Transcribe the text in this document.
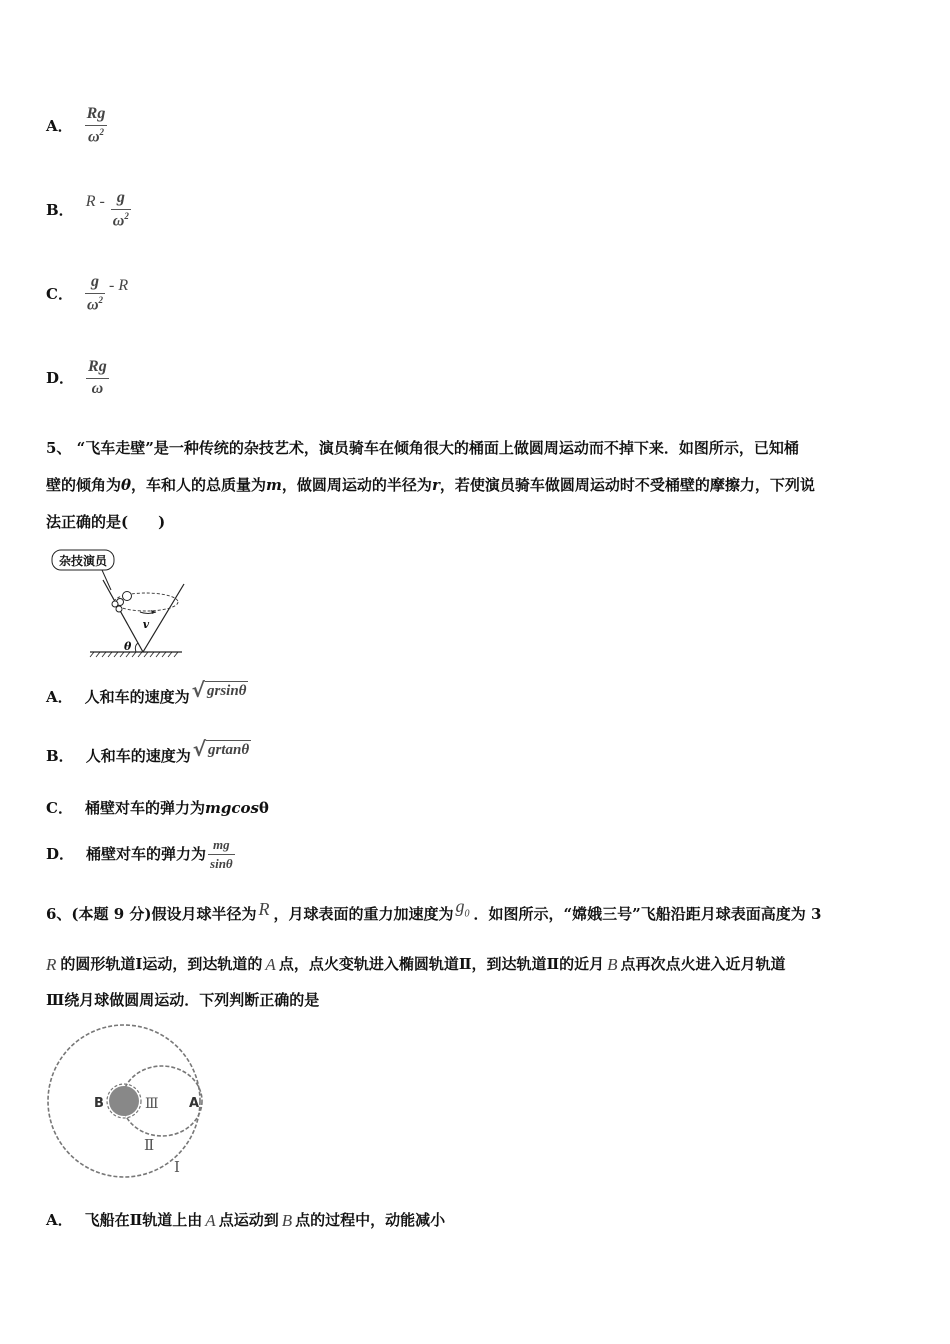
A． $\frac{Rg}{\omega^2}$
B． R - $\frac{g}{\omega^2}$
C． $\frac{g}{\omega^2}$ - R
D． $\frac{Rg}{\omega}$
5、 “飞车走壁”是一种传统的杂技艺术，演员骑车在倾角很大的桶面上做圆周运动而不掉下来．如图所示，已知桶
壁的倾角为θ，车和人的总质量为m，做圆周运动的半径为r，若使演员骑车做圆周运动时不受桶壁的摩擦力，下列说
法正确的是(　　)
杂技演员
v
θ
A． 人和车的速度为 √ grsinθ
B． 人和车的速度为 √ grtanθ
C． 桶壁对车的弹力为mgcosθ
D． 桶壁对车的弹力为 $\frac{mg}{\sin\theta}$
6、(本题 9 分)假设月球半径为 R ，月球表面的重力加速度为 $g_0$ ．如图所示，“嫦娥三号”飞船沿距月球表面高度为 3
R 的圆形轨道Ⅰ运动，到达轨道的 A 点，点火变轨进入椭圆轨道Ⅱ，到达轨道Ⅱ的近月 B 点再次点火进入近月轨道
Ⅲ绕月球做圆周运动．下列判断正确的是
B	Ⅲ A
Ⅱ
Ⅰ
A． 飞船在Ⅱ轨道上由 A 点运动到 B 点的过程中，动能减小
